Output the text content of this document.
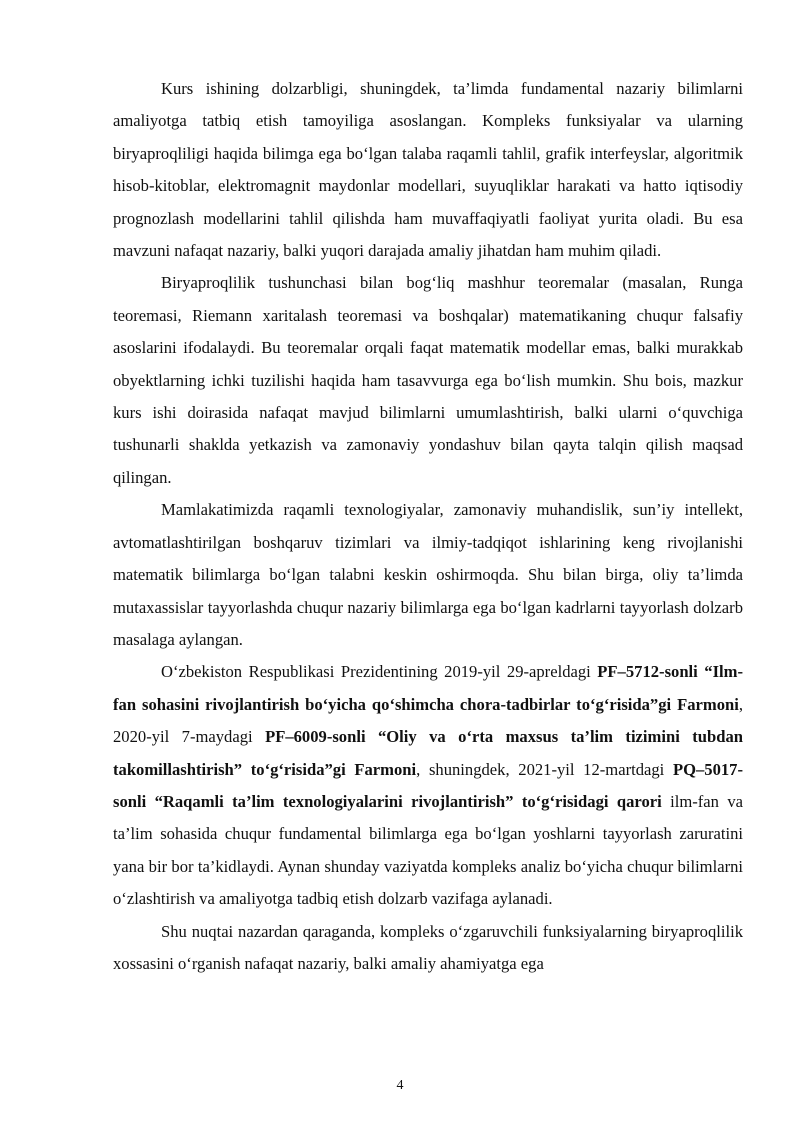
Kurs ishining dolzarbligi, shuningdek, ta’limda fundamental nazariy bilimlarni amaliyotga tatbiq etish tamoyiliga asoslangan. Kompleks funksiyalar va ularning biryaproqliligi haqida bilimga ega bo‘lgan talaba raqamli tahlil, grafik interfeyslar, algoritmik hisob-kitoblar, elektromagnit maydonlar modellari, suyuqliklar harakati va hatto iqtisodiy prognozlash modellarini tahlil qilishda ham muvaffaqiyatli faoliyat yurita oladi. Bu esa mavzuni nafaqat nazariy, balki yuqori darajada amaliy jihatdan ham muhim qiladi.

Biryaproqlilik tushunchasi bilan bog‘liq mashhur teoremalar (masalan, Runga teoremasi, Riemann xaritalash teoremasi va boshqalar) matematikaning chuqur falsafiy asoslarini ifodalaydi. Bu teoremalar orqali faqat matematik modellar emas, balki murakkab obyektlarning ichki tuzilishi haqida ham tasavvurga ega bo‘lish mumkin. Shu bois, mazkur kurs ishi doirasida nafaqat mavjud bilimlarni umumlashtirish, balki ularni o‘quvchiga tushunarli shaklda yetkazish va zamonaviy yondashuv bilan qayta talqin qilish maqsad qilingan.

Mamlakatimizda raqamli texnologiyalar, zamonaviy muhandislik, sun’iy intellekt, avtomatlashtirilgan boshqaruv tizimlari va ilmiy-tadqiqot ishlarining keng rivojlanishi matematik bilimlarga bo‘lgan talabni keskin oshirmoqda. Shu bilan birga, oliy ta’limda mutaxassislar tayyorlashda chuqur nazariy bilimlarga ega bo‘lgan kadrlarni tayyorlash dolzarb masalaga aylangan.

O‘zbekiston Respublikasi Prezidentining 2019-yil 29-apreldagi PF–5712-sonli “Ilm-fan sohasini rivojlantirish bo‘yicha qo‘shimcha chora-tadbirlar to‘g‘risida”gi Farmoni, 2020-yil 7-maydagi PF–6009-sonli “Oliy va o‘rta maxsus ta’lim tizimini tubdan takomillashtirish” to‘g‘risida”gi Farmoni, shuningdek, 2021-yil 12-martdagi PQ–5017-sonli “Raqamli ta’lim texnologiyalarini rivojlantirish” to‘g‘risidagi qarori ilm-fan va ta’lim sohasida chuqur fundamental bilimlarga ega bo‘lgan yoshlarni tayyorlash zaruratini yana bir bor ta’kidlaydi. Aynan shunday vaziyatda kompleks analiz bo‘yicha chuqur bilimlarni o‘zlashtirish va amaliyotga tadbiq etish dolzarb vazifaga aylanadi.

Shu nuqtai nazardan qaraganda, kompleks o‘zgaruvchili funksiyalarning biryaproqlilik xossasini o‘rganish nafaqat nazariy, balki amaliy ahamiyatga ega

4
